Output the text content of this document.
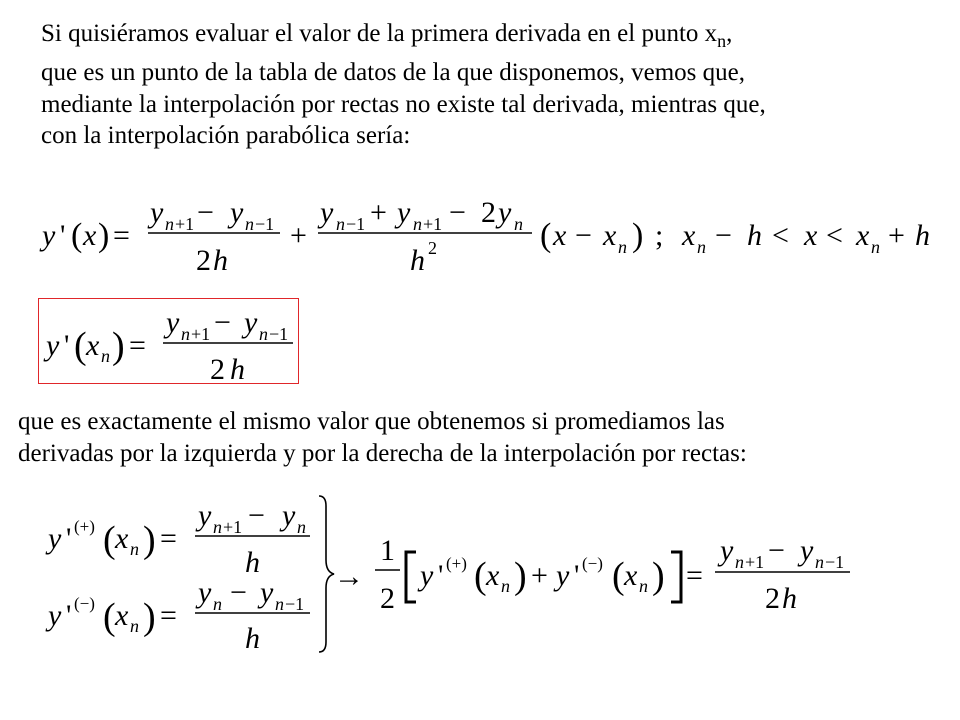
Si quisiéramos evaluar el valor de la primera derivada en el punto $x_n$,
que es un punto de la tabla de datos de la que disponemos, vemos que,
mediante la interpolación por rectas no existe tal derivada, mientras que,
con la interpolación parabólica sería:

y ' ( x ) =
y n +1 − y n −1
2 h
+
y n −1 + y n +1 − 2 y n
h 2	( x − x n ) ; x n − h < x < x n + h
y ' ( x n ) =
y n +1 − y n −1
2 h

que es exactamente el mismo valor que obtenemos si promediamos las
derivadas por la izquierda y por la derecha de la interpolación por rectas:

y ' (+) ( x n ) =
y n +1 − y n
h
y ' (−) ( x n ) =
y n − y n −1
h
→
1
2
y ' (+) ( x n ) + y ' (−) ( x n ) =
y n +1 − y n −1
2 h
